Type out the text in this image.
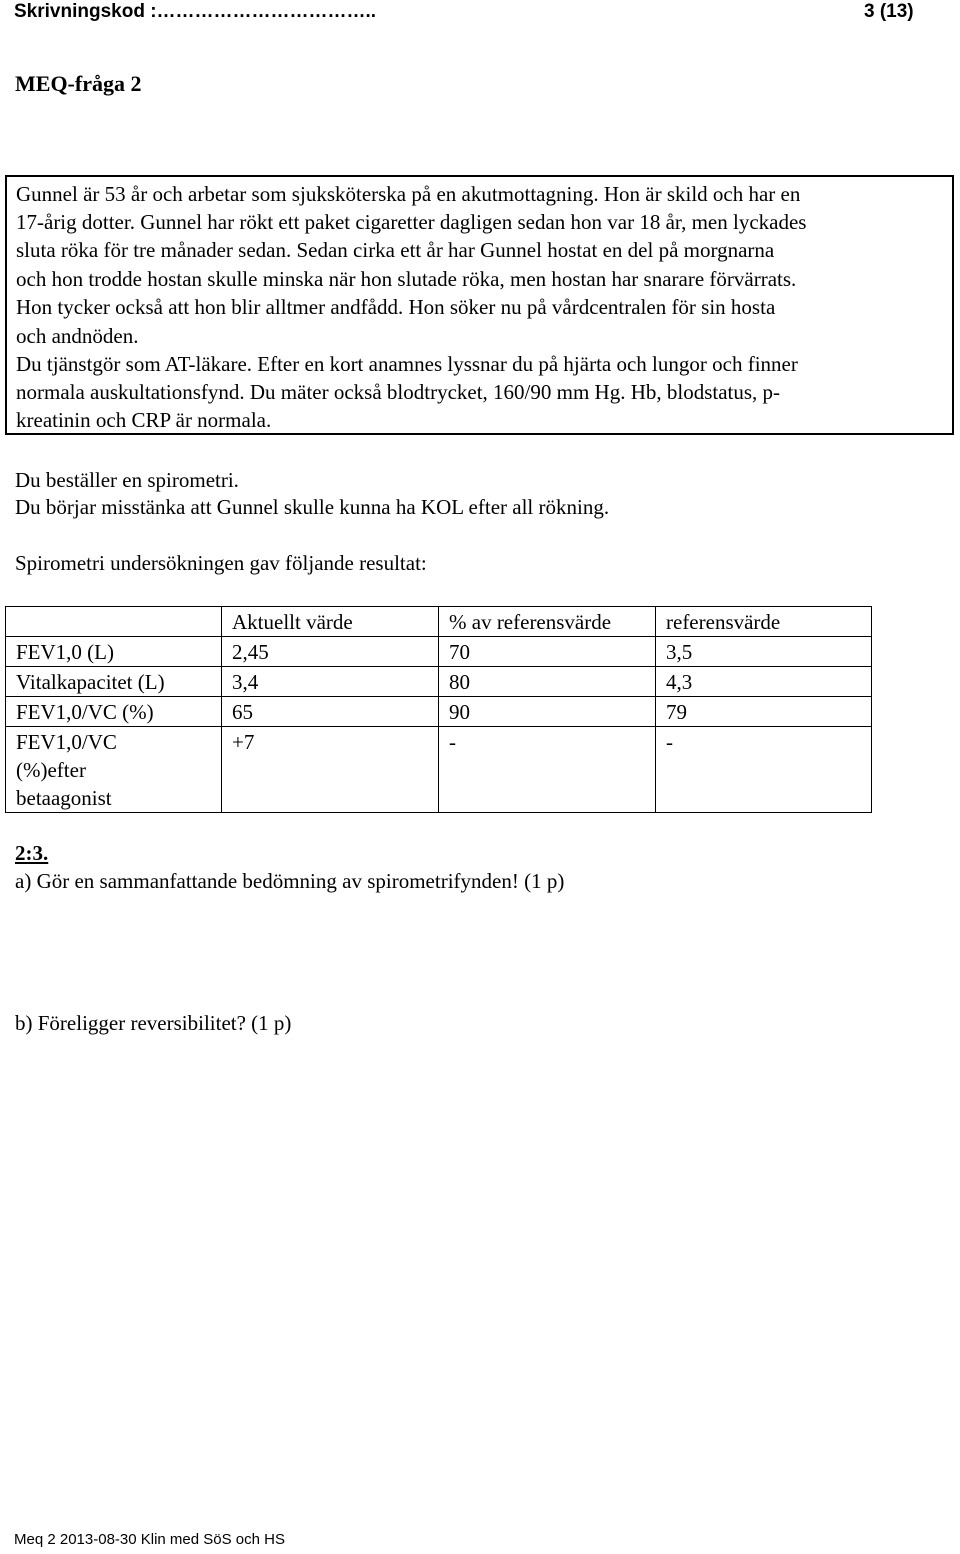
Skrivningskod :……………………………..	3 (13)
MEQ-fråga 2

Gunnel är 53 år och arbetar som sjuksköterska på en akutmottagning. Hon är skild och har en

17-årig dotter. Gunnel har rökt ett paket cigaretter dagligen sedan hon var 18 år, men lyckades

sluta röka för tre månader sedan. Sedan cirka ett år har Gunnel hostat en del på morgnarna

och hon trodde hostan skulle minska när hon slutade röka, men hostan har snarare förvärrats.

Hon tycker också att hon blir alltmer andfådd. Hon söker nu på vårdcentralen för sin hosta

och andnöden.

Du tjänstgör som AT-läkare. Efter en kort anamnes lyssnar du på hjärta och lungor och finner

normala auskultationsfynd. Du mäter också blodtrycket, 160/90 mm Hg. Hb, blodstatus, p-

kreatinin och CRP är normala.

Du beställer en spirometri.
Du börjar misstänka att Gunnel skulle kunna ha KOL efter all rökning.
Spirometri undersökningen gav följande resultat:
	Aktuellt värde	% av referensvärde	referensvärde
FEV1,0 (L)	2,45	70	3,5
Vitalkapacitet (L)	3,4	80	4,3
FEV1,0/VC (%)	65	90	79
FEV1,0/VC
(%)efter
betaagonist	+7	-	-
2:3.
a) Gör en sammanfattande bedömning av spirometrifynden! (1 p)
b) Föreligger reversibilitet? (1 p)
Meq 2 2013-08-30 Klin med SöS och HS
